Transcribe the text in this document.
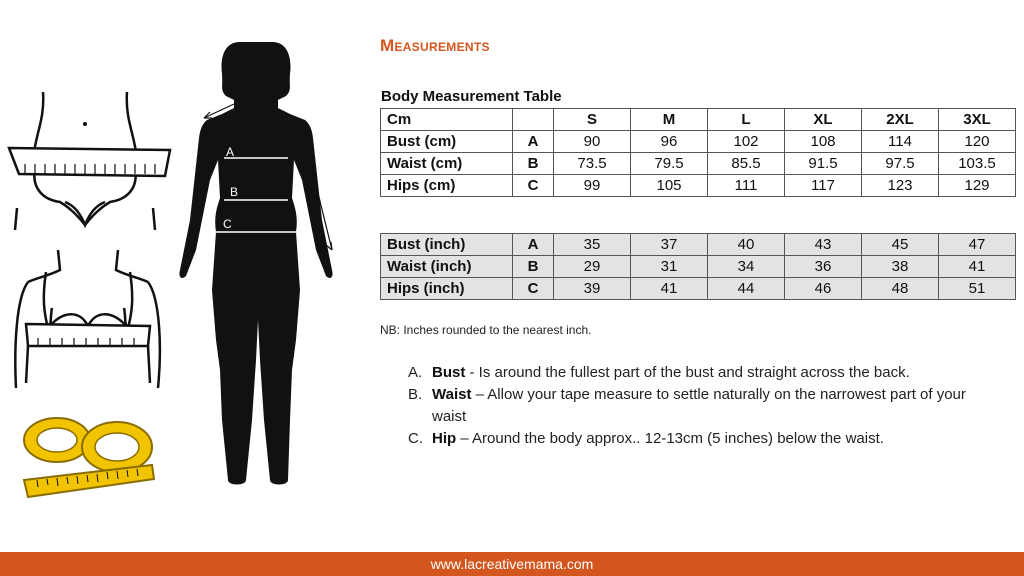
A
B
C
Measurements
Body Measurement Table
Cm		S	M	L	XL	2XL	3XL
Bust (cm)	A	90	96	102	108	114	120
Waist (cm)	B	73.5	79.5	85.5	91.5	97.5	103.5
Hips (cm)	C	99	105	111	117	123	129
Bust (inch)	A	35	37	40	43	45	47
Waist (inch)	B	29	31	34	36	38	41
Hips (inch)	C	39	41	44	46	48	51
NB: Inches rounded to the nearest inch.
A. Bust - Is around the fullest part of the bust and straight across the back.
B. Waist – Allow your tape measure to settle naturally on the narrowest part of your waist
C. Hip – Around the body approx.. 12-13cm (5 inches) below the waist.
www.lacreativemama.com
